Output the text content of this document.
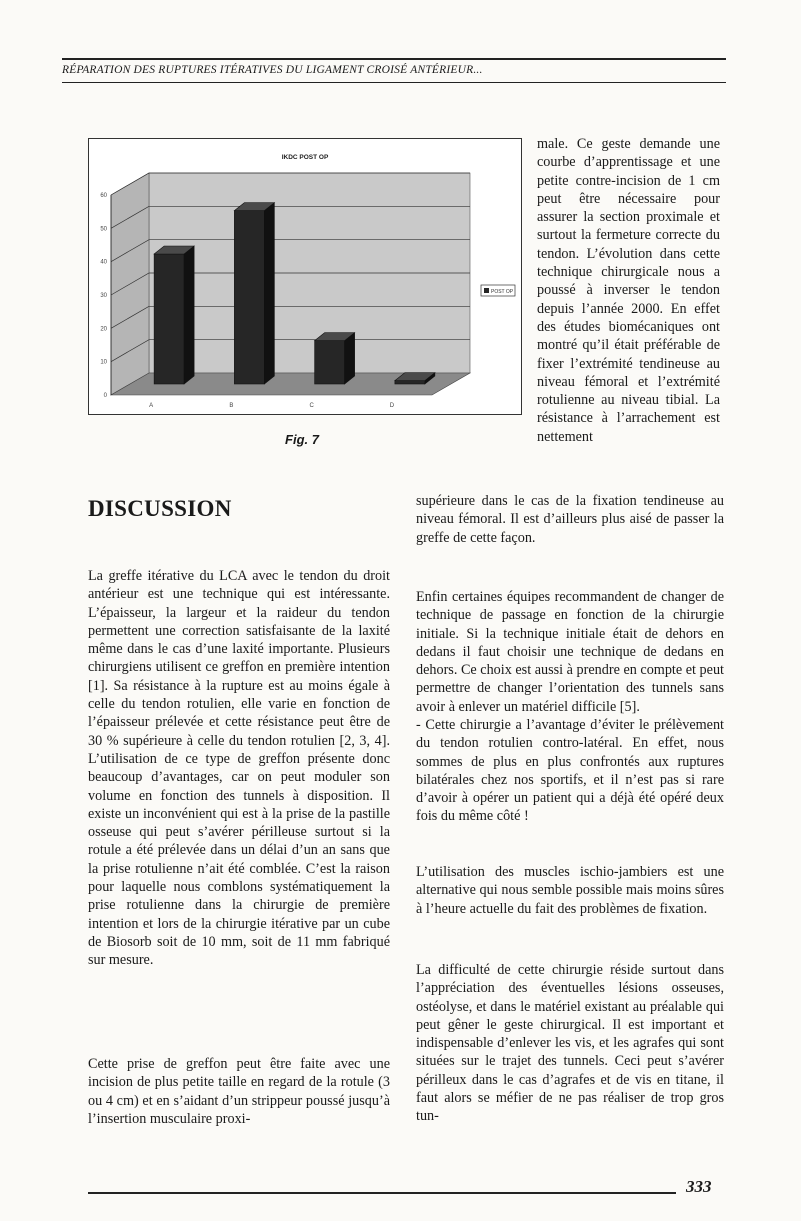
RÉPARATION DES RUPTURES ITÉRATIVES DU LIGAMENT CROISÉ ANTÉRIEUR...
0
10
20
30
40
50
60
IKDC POST OP
A	B	C	D
POST OP
Fig. 7
DISCUSSION

male. Ce geste demande une courbe d’apprentissage et une petite contre-incision de 1 cm peut être nécessaire pour assurer la section proximale et surtout la fermeture correcte du tendon. L’évolution dans cette technique chirurgicale nous a poussé à inverser le tendon depuis l’année 2000. En effet des études biomécaniques ont montré qu’il était préférable de fixer l’extrémité tendineuse au niveau fémoral et l’extrémité rotulienne au niveau tibial. La résistance à l’arrachement est nettement

supérieure dans le cas de la fixation tendineuse au niveau fémoral. Il est d’ailleurs plus aisé de passer la greffe de cette façon.

Enfin certaines équipes recommandent de changer de technique de passage en fonction de la chirurgie initiale. Si la technique initiale était de dehors en dedans il faut choisir une technique de dedans en dehors. Ce choix est aussi à prendre en compte et peut permettre de changer l’orientation des tunnels sans avoir à enlever un matériel difficile [5].

- Cette chirurgie a l’avantage d’éviter le prélèvement du tendon rotulien contro-latéral. En effet, nous sommes de plus en plus confrontés aux ruptures bilatérales chez nos sportifs, et il n’est pas si rare d’avoir à opérer un patient qui a déjà été opéré deux fois du même côté !

L’utilisation des muscles ischio-jambiers est une alternative qui nous semble possible mais moins sûres à l’heure actuelle du fait des problèmes de fixation.

La difficulté de cette chirurgie réside surtout dans l’appréciation des éventuelles lésions osseuses, ostéolyse, et dans le matériel existant au préalable qui peut gêner le geste chirurgical. Il est important et indispensable d’enlever les vis, et les agrafes qui sont situées sur le trajet des tunnels. Ceci peut s’avérer périlleux dans le cas d’agrafes et de vis en titane, il faut alors se méfier de ne pas réaliser de trop gros tun-

La greffe itérative du LCA avec le tendon du droit antérieur est une technique qui est intéressante. L’épaisseur, la largeur et la raideur du tendon permettent une correction satisfaisante de la laxité même dans le cas d’une laxité importante. Plusieurs chirurgiens utilisent ce greffon en première intention [1]. Sa résistance à la rupture est au moins égale à celle du tendon rotulien, elle varie en fonction de l’épaisseur prélevée et cette résistance peut être de 30 % supérieure à celle du tendon rotulien [2, 3, 4]. L’utilisation de ce type de greffon présente donc beaucoup d’avantages, car on peut moduler son volume en fonction des tunnels à disposition. Il existe un inconvénient qui est à la prise de la pastille osseuse qui peut s’avérer périlleuse surtout si la rotule a été prélevée dans un délai d’un an sans que la prise rotulienne n’ait été comblée. C’est la raison pour laquelle nous comblons systématiquement la prise rotulienne dans la chirurgie de première intention et lors de la chirurgie itérative par un cube de Biosorb soit de 10 mm, soit de 11 mm fabriqué sur mesure.

Cette prise de greffon peut être faite avec une incision de plus petite taille en regard de la rotule (3 ou 4 cm) et en s’aidant d’un strippeur poussé jusqu’à l’insertion musculaire proxi-

333
